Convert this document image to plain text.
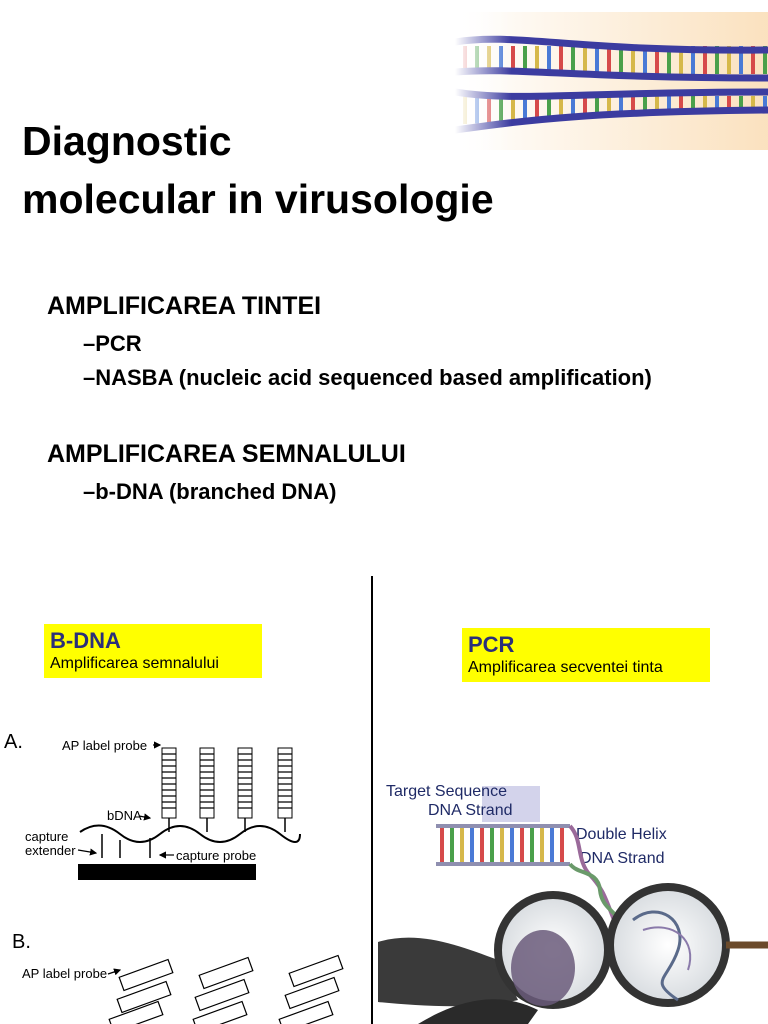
Diagnostic
molecular in virusologie
AMPLIFICAREA TINTEI
–PCR
–NASBA (nucleic acid sequenced based amplification)
AMPLIFICAREA SEMNALULUI
–b-DNA (branched DNA)
B-DNA
Amplificarea semnalului
PCR
Amplificarea secventei tinta
A.	AP label probe
bDNA
capture
extender	capture probe
B.
AP label probe
Target Sequence
DNA Strand
Double Helix
DNA Strand
